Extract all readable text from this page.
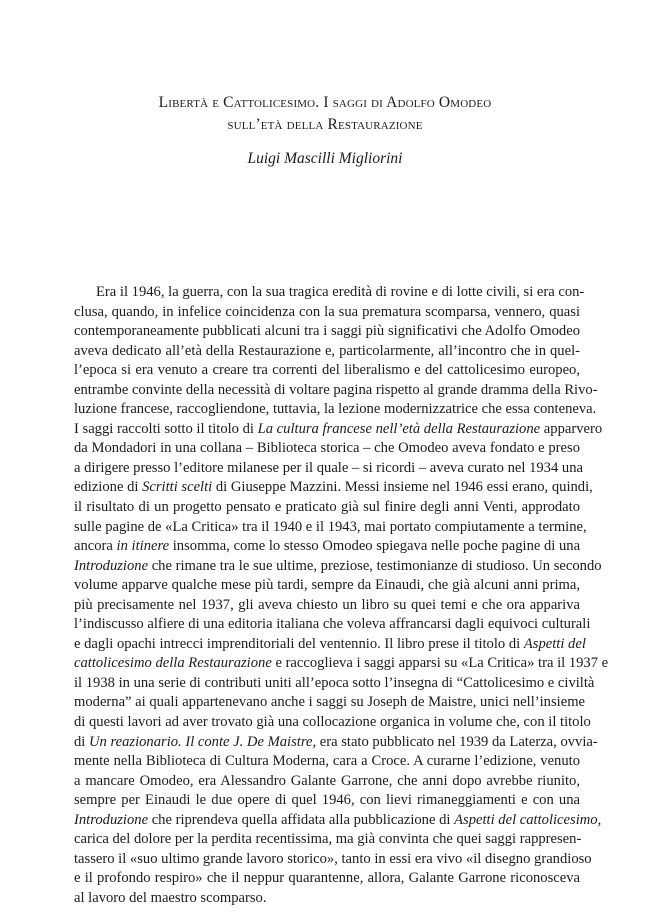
Libertà e Cattolicesimo. I saggi di Adolfo Omodeo
sull’età della Restaurazione

Luigi Mascilli Migliorini

Era il 1946, la guerra, con la sua tragica eredità di rovine e di lotte civili, si era con-
clusa, quando, in infelice coincidenza con la sua prematura scomparsa, vennero, quasi
contemporaneamente pubblicati alcuni tra i saggi più significativi che Adolfo Omodeo
aveva dedicato all’età della Restaurazione e, particolarmente, all’incontro che in quel-
l’epoca si era venuto a creare tra correnti del liberalismo e del cattolicesimo europeo,
entrambe convinte della necessità di voltare pagina rispetto al grande dramma della Rivo-
luzione francese, raccogliendone, tuttavia, la lezione modernizzatrice che essa conteneva.
I saggi raccolti sotto il titolo di La cultura francese nell’età della Restaurazione apparvero
da Mondadori in una collana – Biblioteca storica – che Omodeo aveva fondato e preso
a dirigere presso l’editore milanese per il quale – si ricordi – aveva curato nel 1934 una
edizione di Scritti scelti di Giuseppe Mazzini. Messi insieme nel 1946 essi erano, quindi,
il risultato di un progetto pensato e praticato già sul finire degli anni Venti, approdato
sulle pagine de «La Critica» tra il 1940 e il 1943, mai portato compiutamente a termine,
ancora in itinere insomma, come lo stesso Omodeo spiegava nelle poche pagine di una
Introduzione che rimane tra le sue ultime, preziose, testimonianze di studioso. Un secondo
volume apparve qualche mese più tardi, sempre da Einaudi, che già alcuni anni prima,
più precisamente nel 1937, gli aveva chiesto un libro su quei temi e che ora appariva
l’indiscusso alfiere di una editoria italiana che voleva affrancarsi dagli equivoci culturali
e dagli opachi intrecci imprenditoriali del ventennio. Il libro prese il titolo di Aspetti del
cattolicesimo della Restaurazione e raccoglieva i saggi apparsi su «La Critica» tra il 1937 e
il 1938 in una serie di contributi uniti all’epoca sotto l’insegna di “Cattolicesimo e civiltà
moderna” ai quali appartenevano anche i saggi su Joseph de Maistre, unici nell’insieme
di questi lavori ad aver trovato già una collocazione organica in volume che, con il titolo
di Un reazionario. Il conte J. De Maistre, era stato pubblicato nel 1939 da Laterza, ovvia-
mente nella Biblioteca di Cultura Moderna, cara a Croce. A curarne l’edizione, venuto
a mancare Omodeo, era Alessandro Galante Garrone, che anni dopo avrebbe riunito,
sempre per Einaudi le due opere di quel 1946, con lievi rimaneggiamenti e con una
Introduzione che riprendeva quella affidata alla pubblicazione di Aspetti del cattolicesimo,
carica del dolore per la perdita recentissima, ma già convinta che quei saggi rappresen-
tassero il «suo ultimo grande lavoro storico», tanto in essi era vivo «il disegno grandioso
e il profondo respiro» che il neppur quarantenne, allora, Galante Garrone riconosceva
al lavoro del maestro scomparso.
